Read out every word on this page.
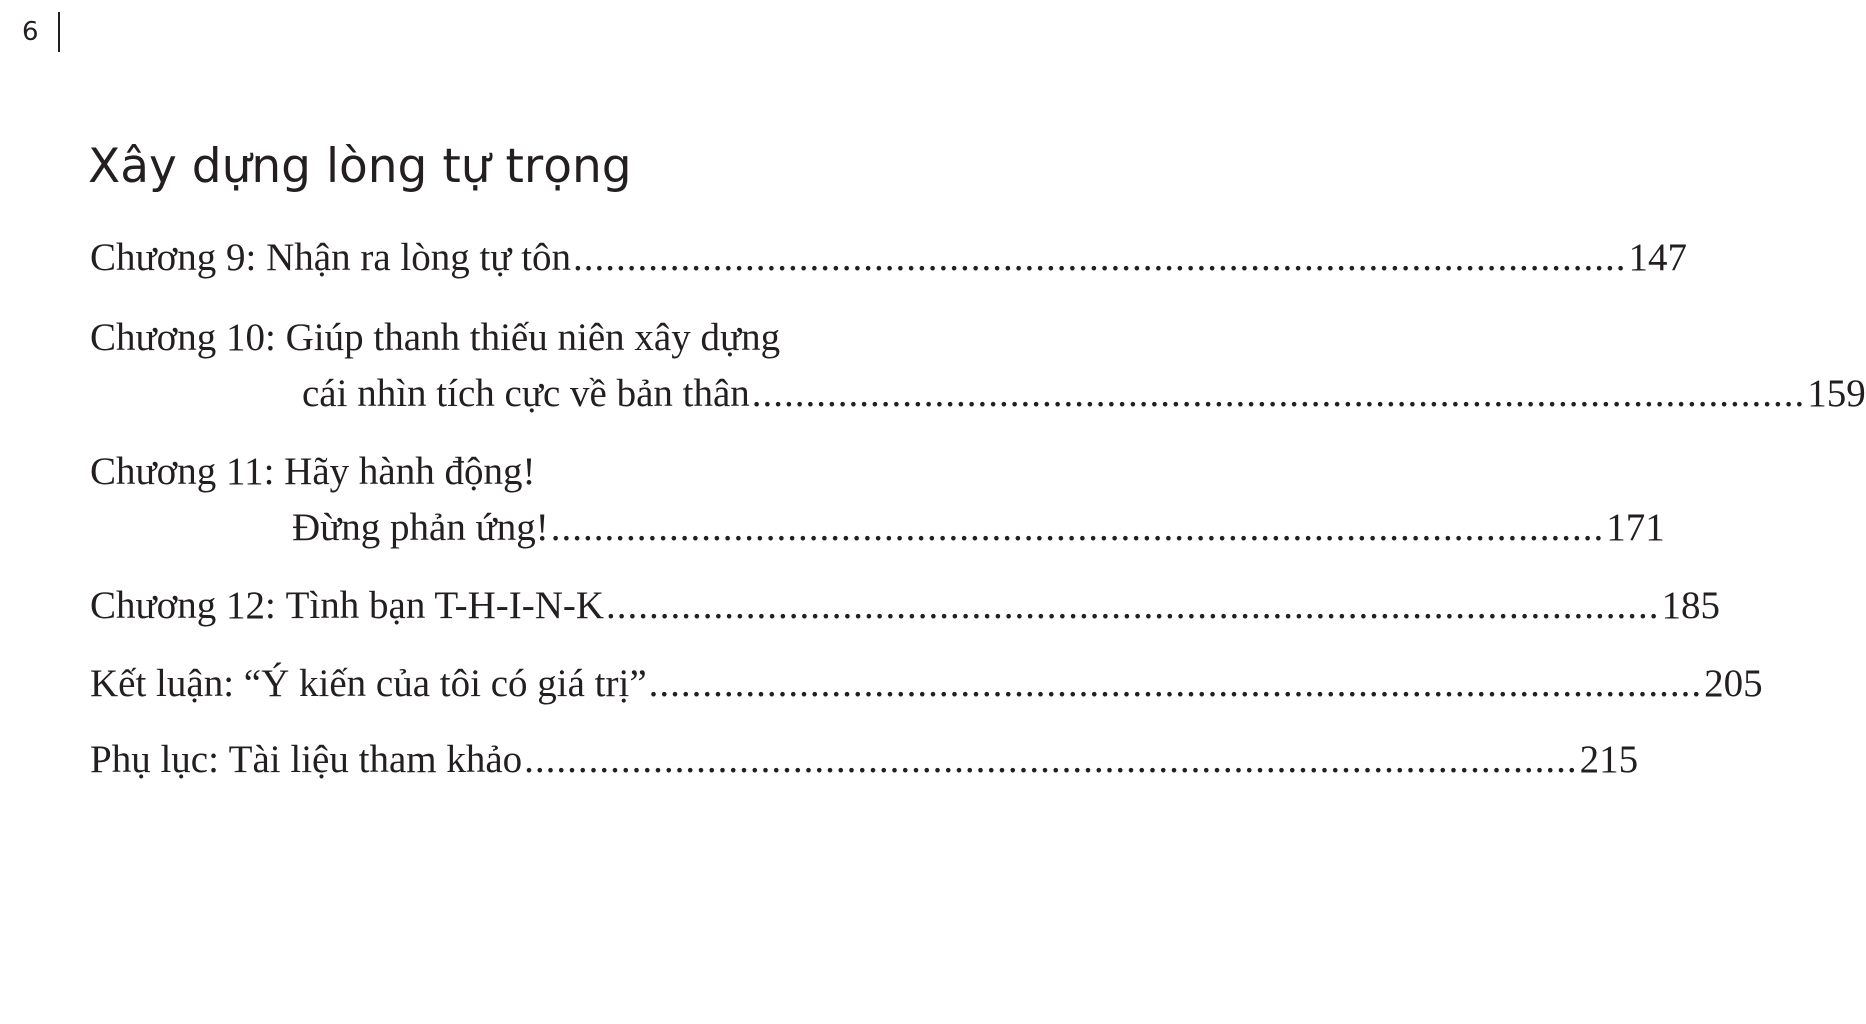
6
Xây dựng lòng tự trọng
Chương 9: Nhận ra lòng tự tôn .................................................................................................. 147
Chương 10: Giúp thanh thiếu niên xây dựng
cái nhìn tích cực về bản thân .................................................................................................. 159
Chương 11: Hãy hành động!
Đừng phản ứng! .................................................................................................. 171
Chương 12: Tình bạn T-H-I-N-K .................................................................................................. 185
Kết luận: “Ý kiến của tôi có giá trị” .................................................................................................. 205
Phụ lục: Tài liệu tham khảo .................................................................................................. 215
